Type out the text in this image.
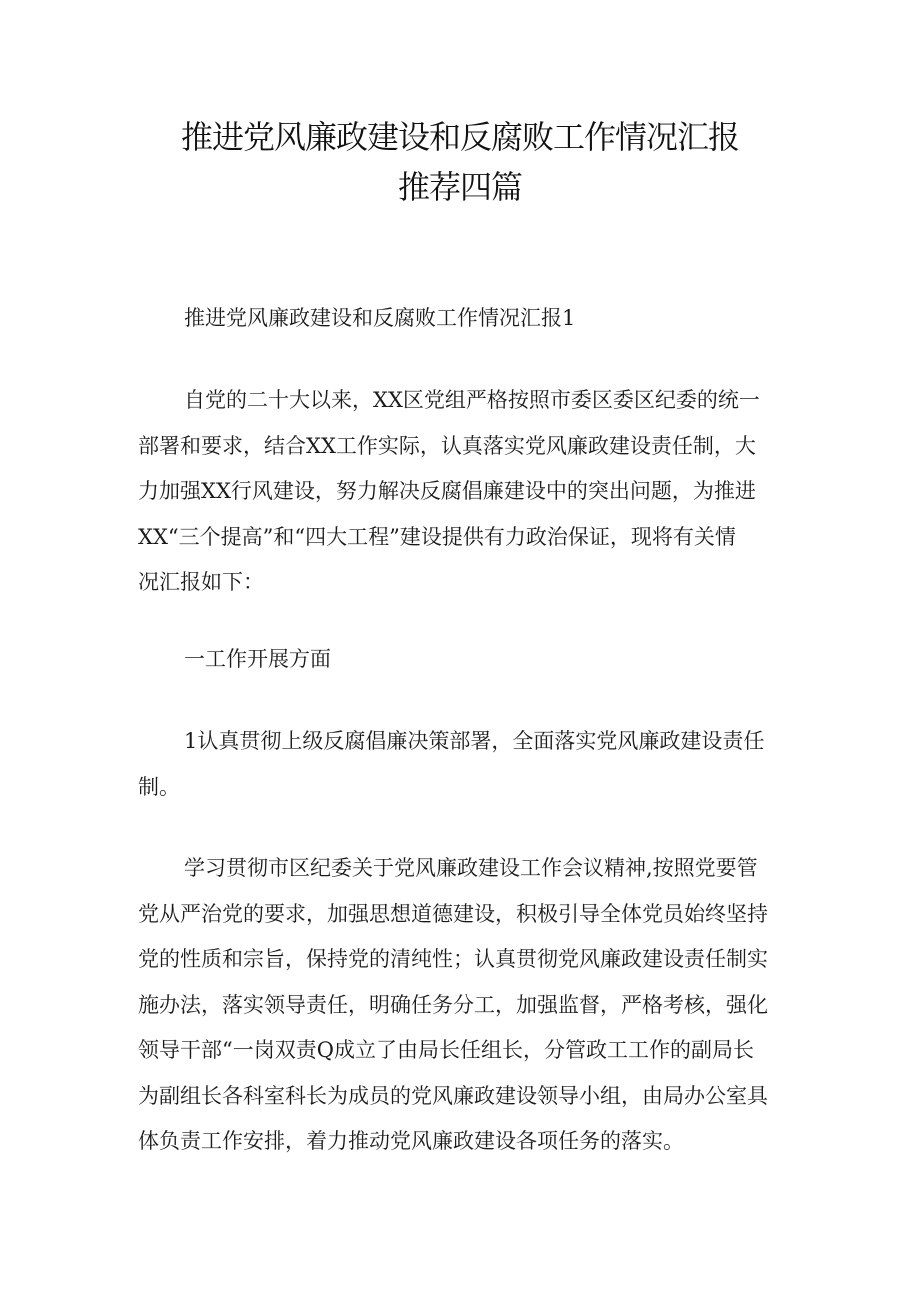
推进党风廉政建设和反腐败工作情况汇报
推荐四篇
推进党风廉政建设和反腐败工作情况汇报1
自党的二十大以来，XX区党组严格按照市委区委区纪委的统一
部署和要求，结合XX工作实际，认真落实党风廉政建设责任制，大
力加强XX行风建设，努力解决反腐倡廉建设中的突出问题，为推进
XX“三个提高”和“四大工程”建设提供有力政治保证，现将有关情
况汇报如下：
一工作开展方面
1认真贯彻上级反腐倡廉决策部署，全面落实党风廉政建设责任
制。
学习贯彻市区纪委关于党风廉政建设工作会议精神,按照党要管
党从严治党的要求，加强思想道德建设，积极引导全体党员始终坚持
党的性质和宗旨，保持党的清纯性；认真贯彻党风廉政建设责任制实
施办法，落实领导责任，明确任务分工，加强监督，严格考核，强化
领导干部“一岗双责Q成立了由局长任组长，分管政工工作的副局长
为副组长各科室科长为成员的党风廉政建设领导小组，由局办公室具
体负责工作安排，着力推动党风廉政建设各项任务的落实。
